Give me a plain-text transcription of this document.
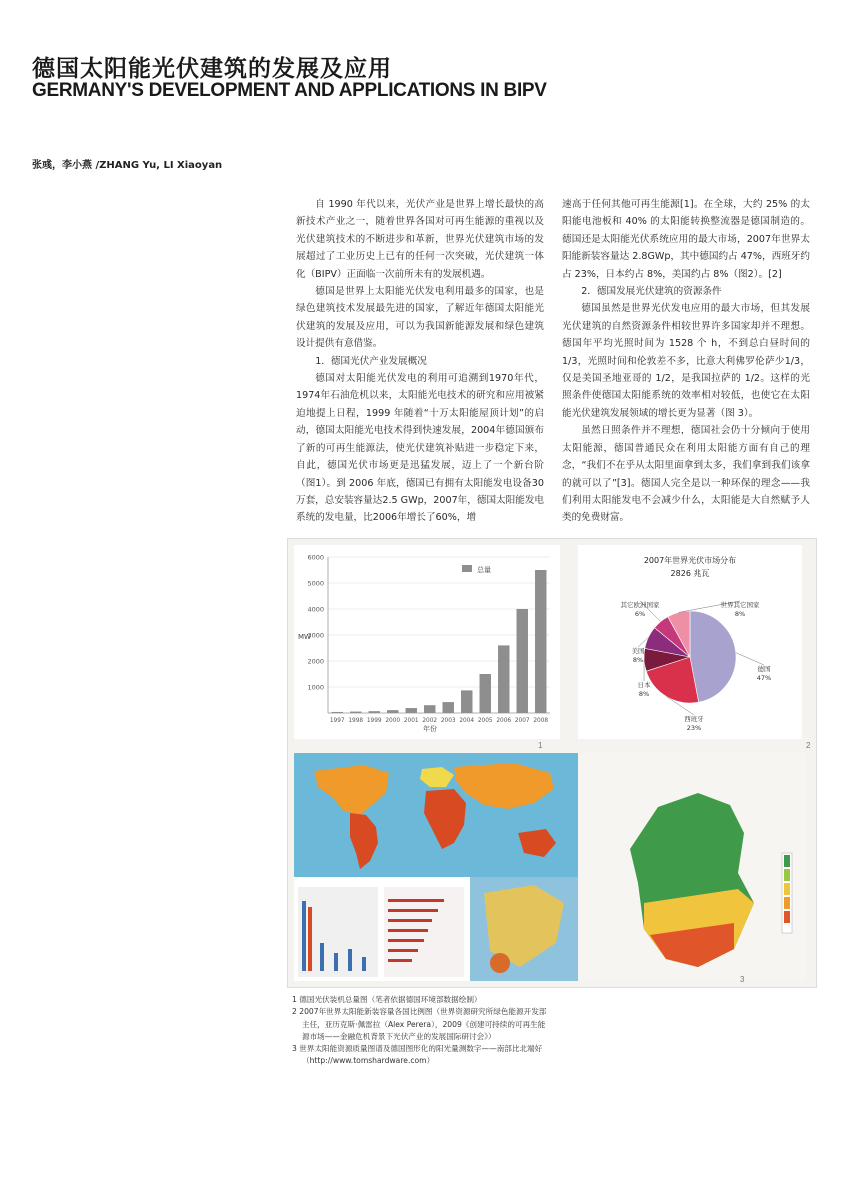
德国太阳能光伏建筑的发展及应用
GERMANY'S DEVELOPMENT AND APPLICATIONS IN BIPV
张彧，李小燕 /ZHANG Yu, LI Xiaoyan

自 1990 年代以来，光伏产业是世界上增长最快的高新技术产业之一，随着世界各国对可再生能源的重视以及光伏建筑技术的不断进步和革新，世界光伏建筑市场的发展超过了工业历史上已有的任何一次突破，光伏建筑一体化（BIPV）正面临一次前所未有的发展机遇。

德国是世界上太阳能光伏发电利用最多的国家，也是绿色建筑技术发展最先进的国家，了解近年德国太阳能光伏建筑的发展及应用，可以为我国新能源发展和绿色建筑设计提供有意借鉴。

1．德国光伏产业发展概况

德国对太阳能光伏发电的利用可追溯到1970年代，1974年石油危机以来，太阳能光电技术的研究和应用被紧迫地提上日程，1999 年随着“十万太阳能屋顶计划”的启动，德国太阳能光电技术得到快速发展，2004年德国颁布了新的可再生能源法，使光伏建筑补贴进一步稳定下来，自此，德国光伏市场更是迅猛发展，迈上了一个新台阶（图1）。到 2006 年底，德国已有拥有太阳能发电设备30万套，总安装容量达2.5 GWp，2007年，德国太阳能发电系统的发电量，比2006年增长了60%，增

速高于任何其他可再生能源[1]。在全球，大约 25% 的太阳能电池板和 40% 的太阳能转换整流器是德国制造的。德国还是太阳能光伏系统应用的最大市场，2007年世界太阳能新装容量达 2.8GWp，其中德国约占 47%，西班牙约占 23%，日本约占 8%，美国约占 8%（图2）。[2]

2．德国发展光伏建筑的资源条件

德国虽然是世界光伏发电应用的最大市场，但其发展光伏建筑的自然资源条件相较世界许多国家却并不理想。德国年平均光照时间为 1528 个 h，不到总白昼时间的1/3，光照时间和伦敦差不多，比意大利佛罗伦萨少1/3，仅是美国圣地亚哥的 1/2，是我国拉萨的 1/2。这样的光照条件使德国太阳能系统的效率相对较低，也使它在太阳能光伏建筑发展领域的增长更为显著（图 3）。

虽然日照条件并不理想，德国社会仍十分倾向于使用太阳能源，德国普通民众在利用太阳能方面有自己的理念，“我们不在乎从太阳里面拿到太多，我们拿到我们该拿的就可以了”[3]。德国人完全是以一种环保的理念——我们利用太阳能发电不会减少什么，太阳能是大自然赋予人类的免费财富。

总量
MW
年份
1000
2000
3000
4000
5000
6000
1997 1998 1999 2000 2001 2002 2003 2004 2005 2006 2007 2008
1
2007年世界光伏市场分布
2826 兆瓦
德国
47%
西班牙
23%
日本
8%
美国
8%
其它欧洲国家
6%
世界其它国家
8%
2
3

1 德国光伏装机总量图（笔者依据德国环境部数据绘制）

2 2007年世界太阳能新装容量各国比例图（世界资源研究所绿色能源开发部主任，亚历克斯·佩雷拉（Alex Perera），2009《创建可持续的可再生能源市场——金融危机背景下光伏产业的发展国际研讨会》）

3 世界太阳能资源质量图谱及德国图形化的阳光量测数字——南部比北端好（http://www.tomshardware.com）
